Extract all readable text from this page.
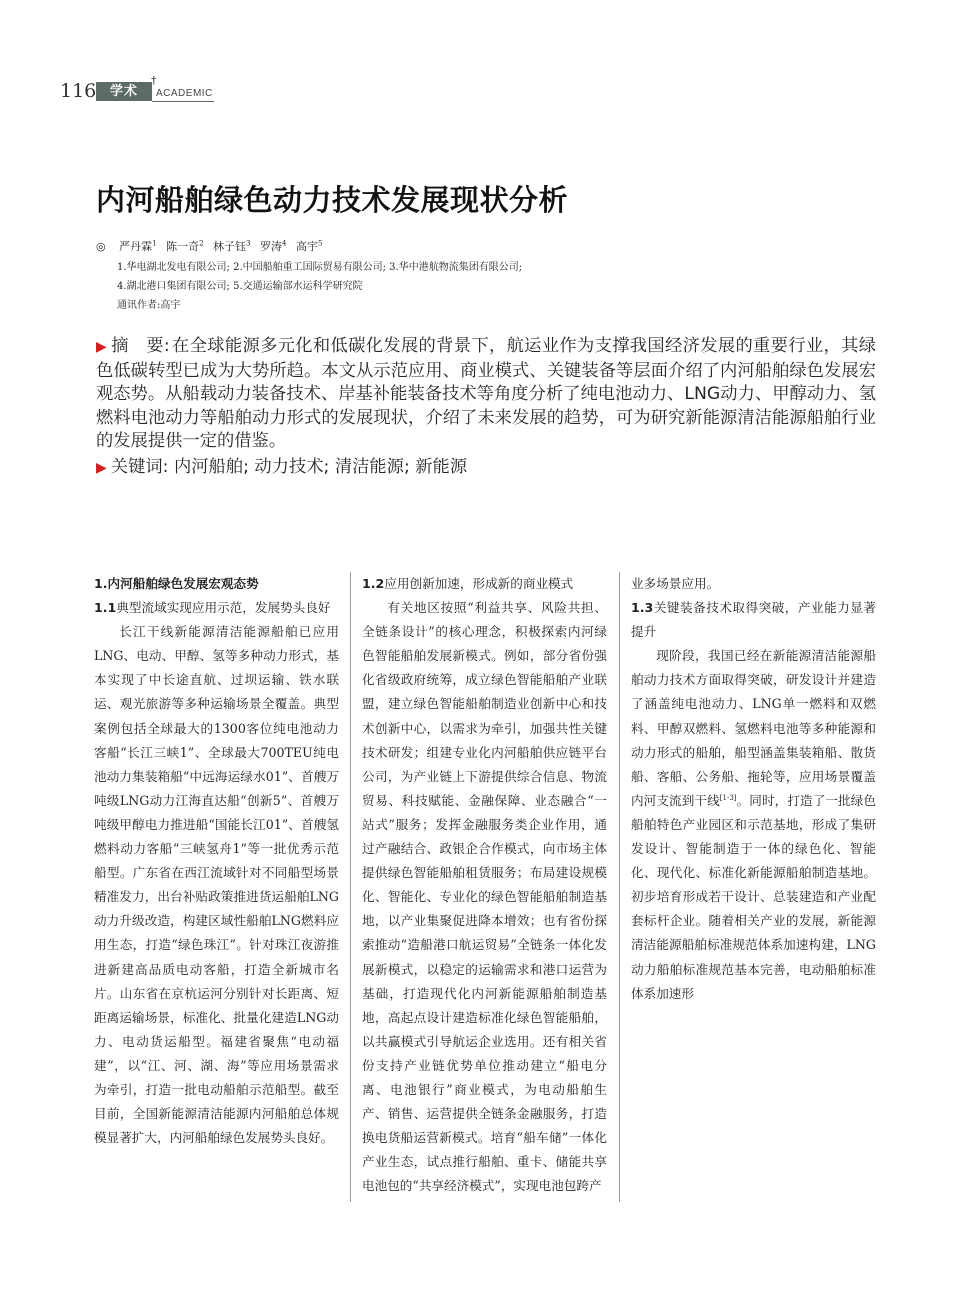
116	学术
†
ACADEMIC
内河船舶绿色动力技术发展现状分析
◎ 严丹霖$^1$ 陈一奇$^2$ 林子钰$^3$ 罗涛$^4$ 高宇$^5$
1.华电湖北发电有限公司; 2.中国船舶重工国际贸易有限公司; 3.华中港航物流集团有限公司;
4.湖北港口集团有限公司; 5.交通运输部水运科学研究院
通讯作者:高宇
▶ 摘　要: 在全球能源多元化和低碳化发展的背景下，航运业作为支撑我国经济发展的重要行业，其绿色低碳转型已成为大势所趋。本文从示范应用、商业模式、关键装备等层面介绍了内河船舶绿色发展宏观态势。从船载动力装备技术、岸基补能装备技术等角度分析了纯电池动力、LNG动力、甲醇动力、氢燃料电池动力等船舶动力形式的发展现状，介绍了未来发展的趋势，可为研究新能源清洁能源船舶行业的发展提供一定的借鉴。
▶ 关键词: 内河船舶; 动力技术; 清洁能源; 新能源

1.内河船舶绿色发展宏观态势

1.1典型流域实现应用示范，发展势头良好

长江干线新能源清洁能源船舶已应用LNG、电动、甲醇、氢等多种动力形式，基本实现了中长途直航、过坝运输、铁水联运、观光旅游等多种运输场景全覆盖。典型案例包括全球最大的1300客位纯电池动力客船“长江三峡1”、全球最大700TEU纯电池动力集装箱船“中远海运绿水01”、首艘万吨级LNG动力江海直达船“创新5”、首艘万吨级甲醇电力推进船“国能长江01”、首艘氢燃料动力客船“三峡氢舟1”等一批优秀示范船型。广东省在西江流域针对不同船型场景精准发力，出台补贴政策推进货运船舶LNG动力升级改造，构建区域性船舶LNG燃料应用生态，打造“绿色珠江”。针对珠江夜游推进新建高品质电动客船，打造全新城市名片。山东省在京杭运河分别针对长距离、短距离运输场景，标准化、批量化建造LNG动力、电动货运船型。福建省聚焦“电动福建”，以“江、河、湖、海”等应用场景需求为牵引，打造一批电动船舶示范船型。截至目前，全国新能源清洁能源内河船舶总体规模显著扩大，内河船舶绿色发展势头良好。

1.2应用创新加速，形成新的商业模式

有关地区按照“利益共享、风险共担、全链条设计”的核心理念，积极探索内河绿色智能船舶发展新模式。例如，部分省份强化省级政府统筹，成立绿色智能船舶产业联盟，建立绿色智能船舶制造业创新中心和技术创新中心，以需求为牵引，加强共性关键技术研发；组建专业化内河船舶供应链平台公司，为产业链上下游提供综合信息、物流贸易、科技赋能、金融保障、业态融合“一站式”服务；发挥金融服务类企业作用，通过产融结合、政银企合作模式，向市场主体提供绿色智能船舶租赁服务；布局建设规模化、智能化、专业化的绿色智能船舶制造基地，以产业集聚促进降本增效；也有省份探索推动“造船港口航运贸易”全链条一体化发展新模式，以稳定的运输需求和港口运营为基础，打造现代化内河新能源船舶制造基地，高起点设计建造标准化绿色智能船舶，以共赢模式引导航运企业选用。还有相关省份支持产业链优势单位推动建立“船电分离、电池银行”商业模式，为电动船舶生产、销售、运营提供全链条金融服务，打造换电货船运营新模式。培育“船车储”一体化产业生态，试点推行船舶、重卡、储能共享电池包的“共享经济模式”，实现电池包跨产

业多场景应用。

1.3关键装备技术取得突破，产业能力显著提升

现阶段，我国已经在新能源清洁能源船舶动力技术方面取得突破，研发设计并建造了涵盖纯电池动力、LNG单一燃料和双燃料、甲醇双燃料、氢燃料电池等多种能源和动力形式的船舶，船型涵盖集装箱船、散货船、客船、公务船、拖轮等，应用场景覆盖内河支流到干线[1-3]。同时，打造了一批绿色船舶特色产业园区和示范基地，形成了集研发设计、智能制造于一体的绿色化、智能化、现代化、标准化新能源船舶制造基地。初步培育形成若干设计、总装建造和产业配套标杆企业。随着相关产业的发展，新能源清洁能源船舶标准规范体系加速构建，LNG动力船舶标准规范基本完善，电动船舶标准体系加速形
